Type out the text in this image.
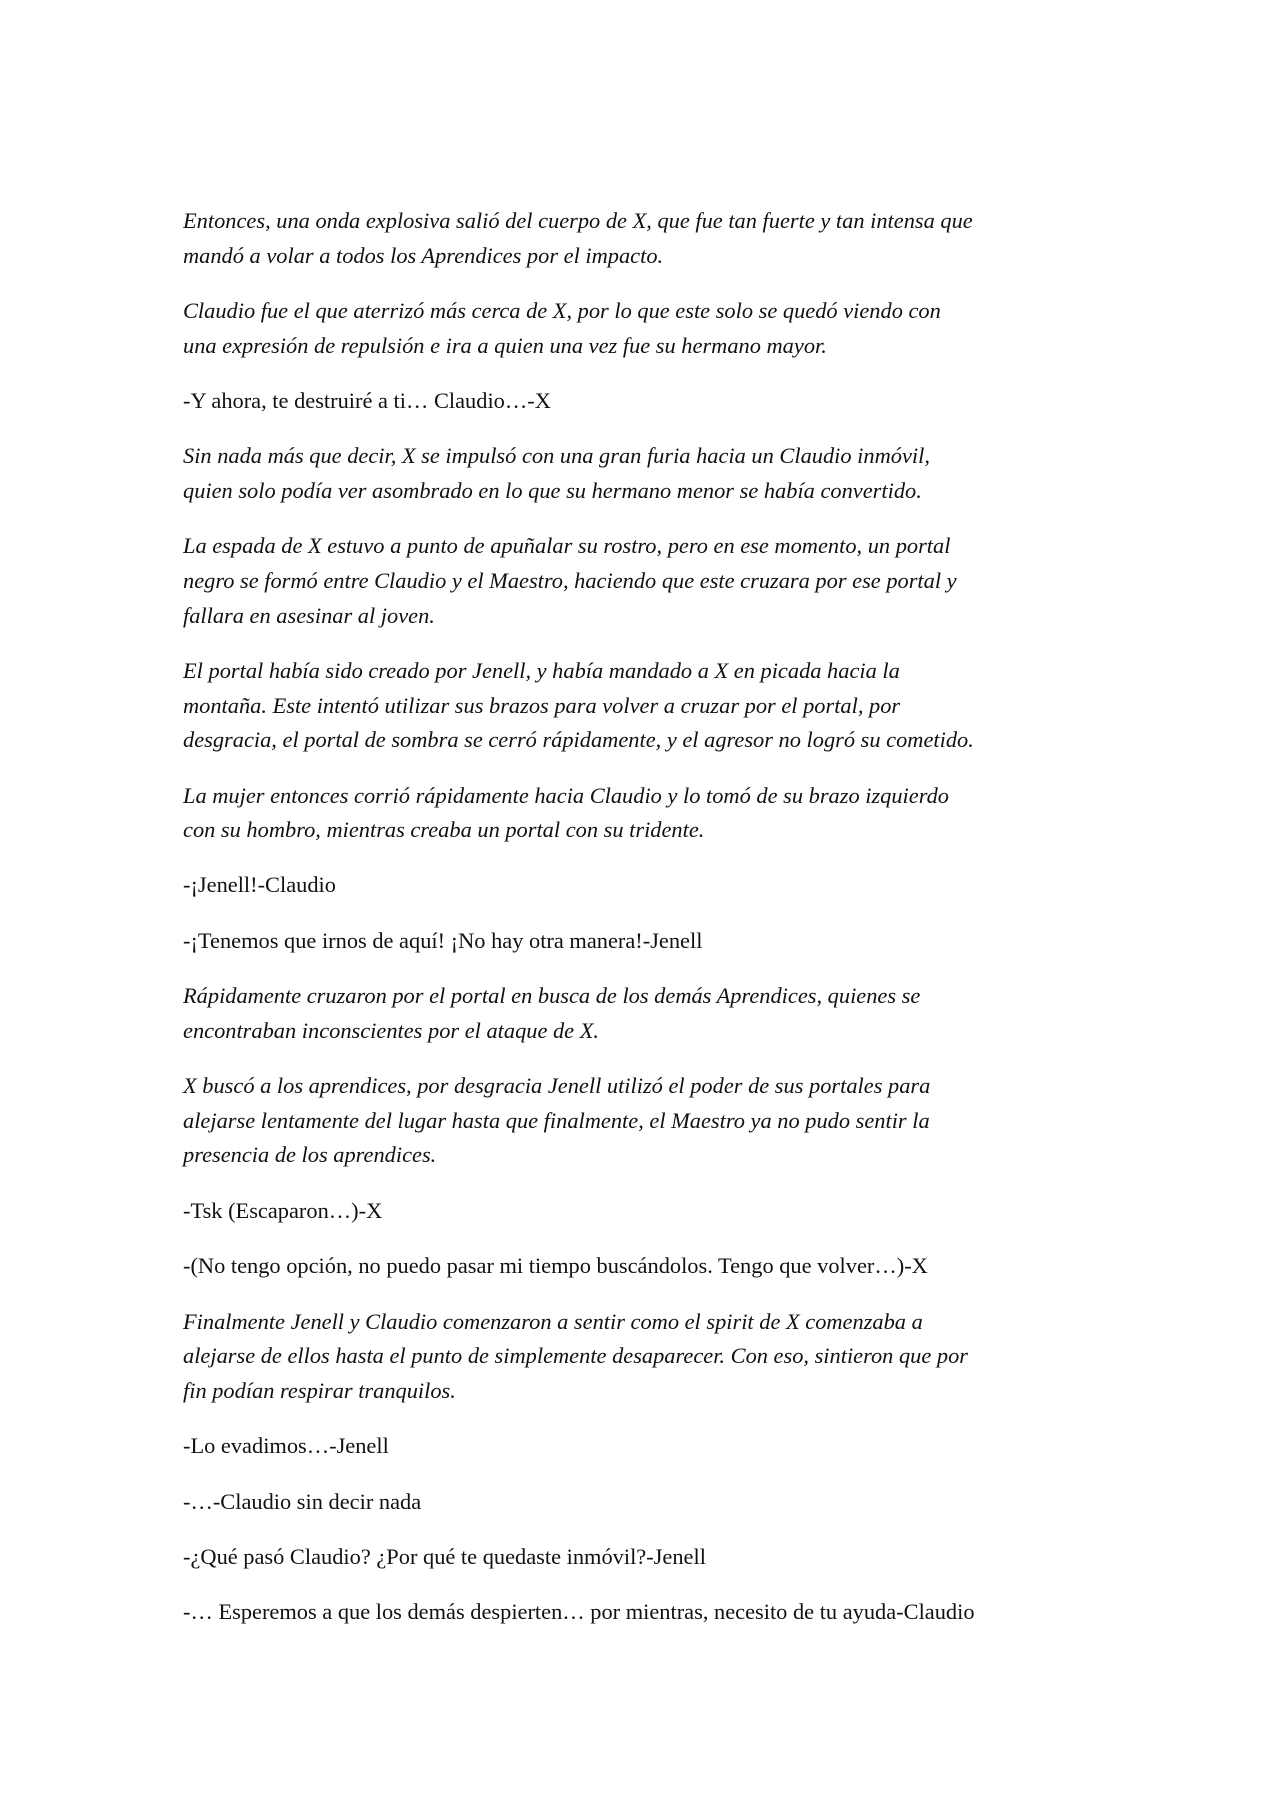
Entonces, una onda explosiva salió del cuerpo de X, que fue tan fuerte y tan intensa que
mandó a volar a todos los Aprendices por el impacto.

Claudio fue el que aterrizó más cerca de X, por lo que este solo se quedó viendo con
una expresión de repulsión e ira a quien una vez fue su hermano mayor.

-Y ahora, te destruiré a ti… Claudio…-X

Sin nada más que decir, X se impulsó con una gran furia hacia un Claudio inmóvil,
quien solo podía ver asombrado en lo que su hermano menor se había convertido.

La espada de X estuvo a punto de apuñalar su rostro, pero en ese momento, un portal
negro se formó entre Claudio y el Maestro, haciendo que este cruzara por ese portal y
fallara en asesinar al joven.

El portal había sido creado por Jenell, y había mandado a X en picada hacia la
montaña. Este intentó utilizar sus brazos para volver a cruzar por el portal, por
desgracia, el portal de sombra se cerró rápidamente, y el agresor no logró su cometido.

La mujer entonces corrió rápidamente hacia Claudio y lo tomó de su brazo izquierdo
con su hombro, mientras creaba un portal con su tridente.

-¡Jenell!-Claudio

-¡Tenemos que irnos de aquí! ¡No hay otra manera!-Jenell

Rápidamente cruzaron por el portal en busca de los demás Aprendices, quienes se
encontraban inconscientes por el ataque de X.

X buscó a los aprendices, por desgracia Jenell utilizó el poder de sus portales para
alejarse lentamente del lugar hasta que finalmente, el Maestro ya no pudo sentir la
presencia de los aprendices.

-Tsk (Escaparon…)-X

-(No tengo opción, no puedo pasar mi tiempo buscándolos. Tengo que volver…)-X

Finalmente Jenell y Claudio comenzaron a sentir como el spirit de X comenzaba a
alejarse de ellos hasta el punto de simplemente desaparecer. Con eso, sintieron que por
fin podían respirar tranquilos.

-Lo evadimos…-Jenell

-…-Claudio sin decir nada

-¿Qué pasó Claudio? ¿Por qué te quedaste inmóvil?-Jenell

-… Esperemos a que los demás despierten… por mientras, necesito de tu ayuda-Claudio
